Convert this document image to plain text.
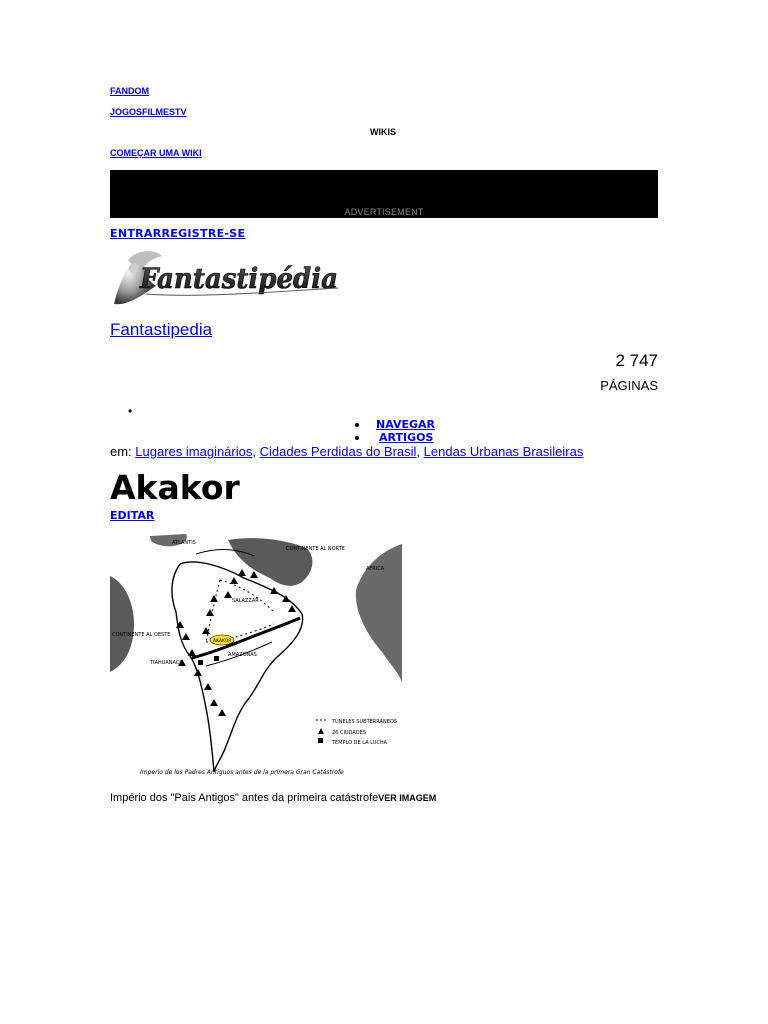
FANDOM
JOGOSFILMESTV
WIKIS
COMEÇAR UMA WIKI
ADVERTISEMENT
ENTRARREGISTRE-SE
Fantastipédia
Fantastipedia
2 747
PÁGINAS
•
NAVEGAR
ARTIGOS
em: Lugares imaginários, Cidades Perdidas do Brasil, Lendas Urbanas Brasileiras
Akakor
EDITAR
ATLANTIS
CONTINENTE AL NORTE
AFRICA
CONTINENTE AL OESTE
TIAHUANACO
AKAKOR
AMAZONAS
SALAZZAR
TÚNELES SUBTERRÁNEOS
26 CIUDADES
TEMPLO DE LA LUCHA
Imperio de los Padres Antiguos antes de la primera Gran Catástrofe
Império dos "Pais Antigos" antes da primeira catástrofeVER IMAGEM
